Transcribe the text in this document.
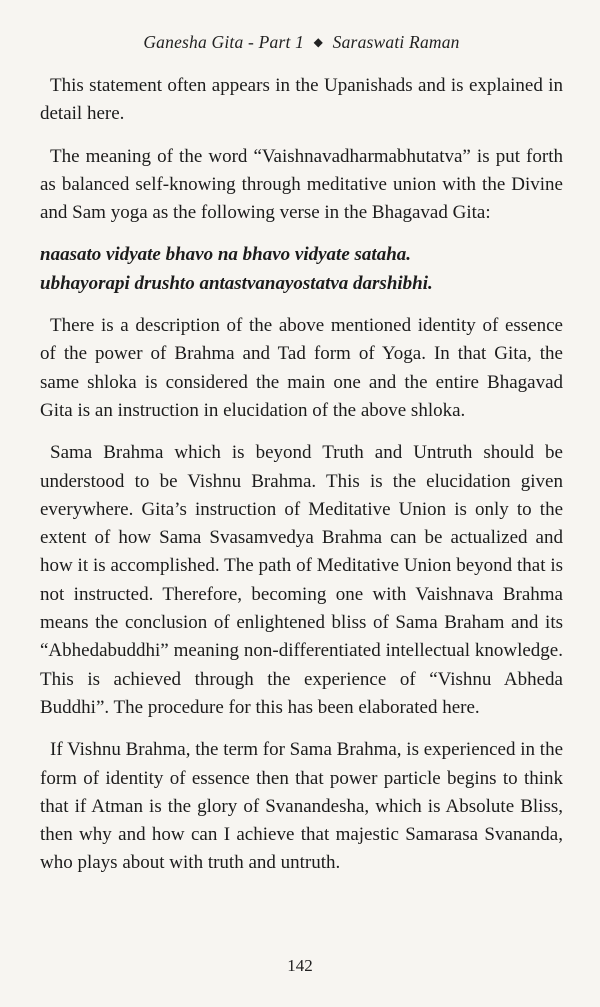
Ganesha Gita - Part 1 ◆ Saraswati Raman

This statement often appears in the Upanishads and is explained in detail here.

The meaning of the word “Vaishnavadharmabhutatva” is put forth as balanced self-knowing through meditative union with the Divine and Sam yoga as the following verse in the Bhagavad Gita:

naasato vidyate bhavo na bhavo vidyate sataha.
ubhayorapi drushto antastvanayostatva darshibhi.

There is a description of the above mentioned identity of essence of the power of Brahma and Tad form of Yoga. In that Gita, the same shloka is considered the main one and the entire Bhagavad Gita is an instruction in elucidation of the above shloka.

Sama Brahma which is beyond Truth and Untruth should be understood to be Vishnu Brahma. This is the elucidation given everywhere. Gita’s instruction of Meditative Union is only to the extent of how Sama Svasamvedya Brahma can be actualized and how it is accomplished. The path of Meditative Union beyond that is not instructed. Therefore, becoming one with Vaishnava Brahma means the conclusion of enlightened bliss of Sama Braham and its “Abhedabuddhi” meaning non-differentiated intellectual knowledge. This is achieved through the experience of “Vishnu Abheda Buddhi”. The procedure for this has been elaborated here.

If Vishnu Brahma, the term for Sama Brahma, is experienced in the form of identity of essence then that power particle begins to think that if Atman is the glory of Svanandesha, which is Absolute Bliss, then why and how can I achieve that majestic Samarasa Svananda, who plays about with truth and untruth.

142
